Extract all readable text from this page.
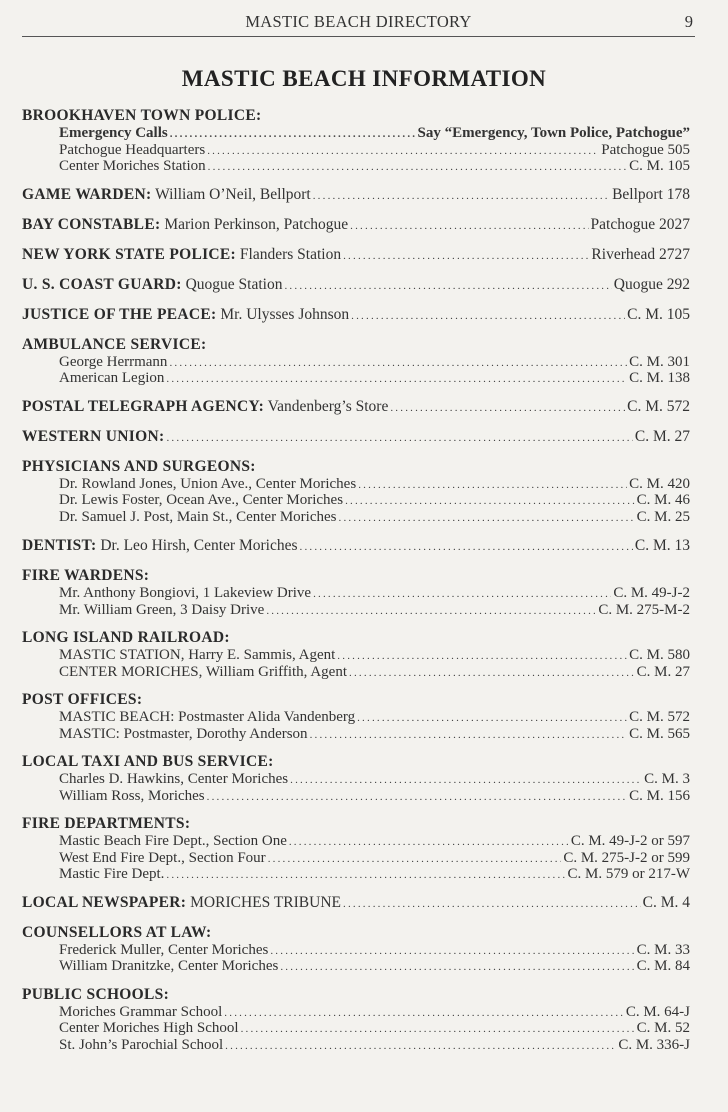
MASTIC BEACH DIRECTORY	9
MASTIC BEACH INFORMATION
BROOKHAVEN TOWN POLICE:
Emergency Calls .....	Say “Emergency, Town Police, Patchogue”
Patchogue Headquarters .....	Patchogue 505
Center Moriches Station .....	C. M. 105
GAME WARDEN: William O’Neil, Bellport .....	Bellport 178
BAY CONSTABLE: Marion Perkinson, Patchogue .....	Patchogue 2027
NEW YORK STATE POLICE: Flanders Station .....	Riverhead 2727
U. S. COAST GUARD: Quogue Station .....	Quogue 292
JUSTICE OF THE PEACE: Mr. Ulysses Johnson .....	C. M. 105
AMBULANCE SERVICE:
George Herrmann .....	C. M. 301
American Legion .....	C. M. 138
POSTAL TELEGRAPH AGENCY: Vandenberg’s Store .....	C. M. 572
WESTERN UNION: .....	C. M. 27
PHYSICIANS AND SURGEONS:
Dr. Rowland Jones, Union Ave., Center Moriches .....	C. M. 420
Dr. Lewis Foster, Ocean Ave., Center Moriches .....	C. M. 46
Dr. Samuel J. Post, Main St., Center Moriches .....	C. M. 25
DENTIST: Dr. Leo Hirsh, Center Moriches .....	C. M. 13
FIRE WARDENS:
Mr. Anthony Bongiovi, 1 Lakeview Drive .....	C. M. 49-J-2
Mr. William Green, 3 Daisy Drive .....	C. M. 275-M-2
LONG ISLAND RAILROAD:
MASTIC STATION, Harry E. Sammis, Agent .....	C. M. 580
CENTER MORICHES, William Griffith, Agent .....	C. M. 27
POST OFFICES:
MASTIC BEACH: Postmaster Alida Vandenberg .....	C. M. 572
MASTIC: Postmaster, Dorothy Anderson .....	C. M. 565
LOCAL TAXI AND BUS SERVICE:
Charles D. Hawkins, Center Moriches .....	C. M. 3
William Ross, Moriches .....	C. M. 156
FIRE DEPARTMENTS:
Mastic Beach Fire Dept., Section One .....	C. M. 49-J-2 or 597
West End Fire Dept., Section Four .....	C. M. 275-J-2 or 599
Mastic Fire Dept. .....	C. M. 579 or 217-W
LOCAL NEWSPAPER: MORICHES TRIBUNE .....	C. M. 4
COUNSELLORS AT LAW:
Frederick Muller, Center Moriches .....	C. M. 33
William Dranitzke, Center Moriches .....	C. M. 84
PUBLIC SCHOOLS:
Moriches Grammar School .....	C. M. 64-J
Center Moriches High School .....	C. M. 52
St. John’s Parochial School .....	C. M. 336-J
